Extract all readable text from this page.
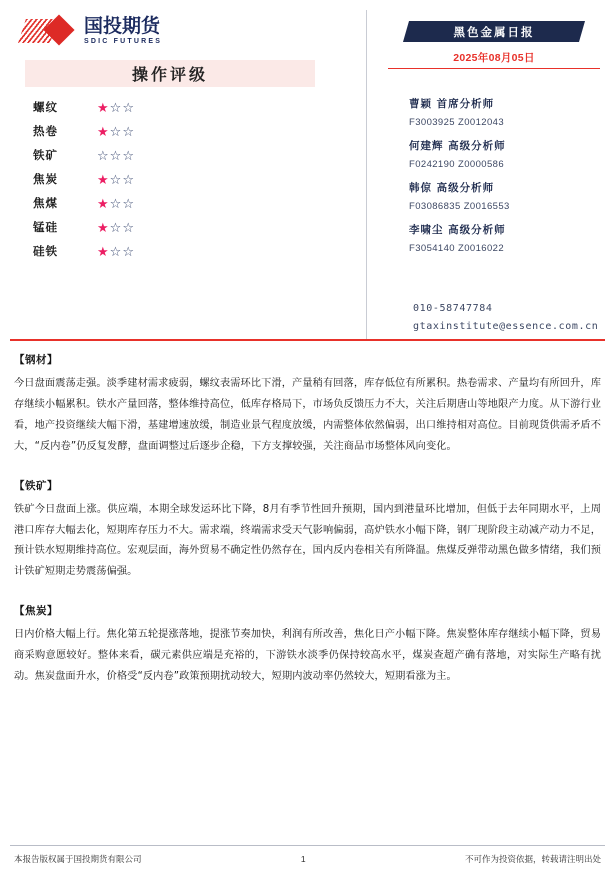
国投期货
SDIC FUTURES
操作评级
螺纹	★☆☆
热卷	★☆☆
铁矿	☆☆☆
焦炭	★☆☆
焦煤	★☆☆
锰硅	★☆☆
硅铁	★☆☆
黑色金属日报
2025年08月05日
曹颖 首席分析师
F3003925 Z0012043
何建辉 高级分析师
F0242190 Z0000586
韩倞 高级分析师
F03086835 Z0016553
李啸尘 高级分析师
F3054140 Z0016022
010-58747784
gtaxinstitute@essence.com.cn
【钢材】
今日盘面震荡走强。淡季建材需求疲弱，螺纹表需环比下滑，产量稍有回落，库存低位有所累积。热卷需求、产量均有所回升，库存继续小幅累积。铁水产量回落，整体维持高位，低库存格局下，市场负反馈压力不大，关注后期唐山等地限产力度。从下游行业看，地产投资继续大幅下滑，基建增速放缓，制造业景气程度放缓，内需整体依然偏弱，出口维持相对高位。目前现货供需矛盾不大，“反内卷”仍反复发酵，盘面调整过后逐步企稳，下方支撑较强，关注商品市场整体风向变化。
【铁矿】
铁矿今日盘面上涨。供应端，本期全球发运环比下降，8月有季节性回升预期，国内到港量环比增加，但低于去年同期水平，上周港口库存大幅去化，短期库存压力不大。需求端，终端需求受天气影响偏弱，高炉铁水小幅下降，钢厂现阶段主动减产动力不足，预计铁水短期维持高位。宏观层面，海外贸易不确定性仍然存在，国内反内卷相关有所降温。焦煤反弹带动黑色做多情绪，我们预计铁矿短期走势震荡偏强。
【焦炭】
日内价格大幅上行。焦化第五轮提涨落地，提涨节奏加快，利润有所改善，焦化日产小幅下降。焦炭整体库存继续小幅下降，贸易商采购意愿较好。整体来看，碳元素供应端是充裕的，下游铁水淡季仍保持较高水平，煤炭查超产确有落地，对实际生产略有扰动。焦炭盘面升水，价格受“反内卷”政策预期扰动较大，短期内波动率仍然较大，短期看涨为主。
本报告版权属于国投期货有限公司	1	不可作为投资依据，转载请注明出处
